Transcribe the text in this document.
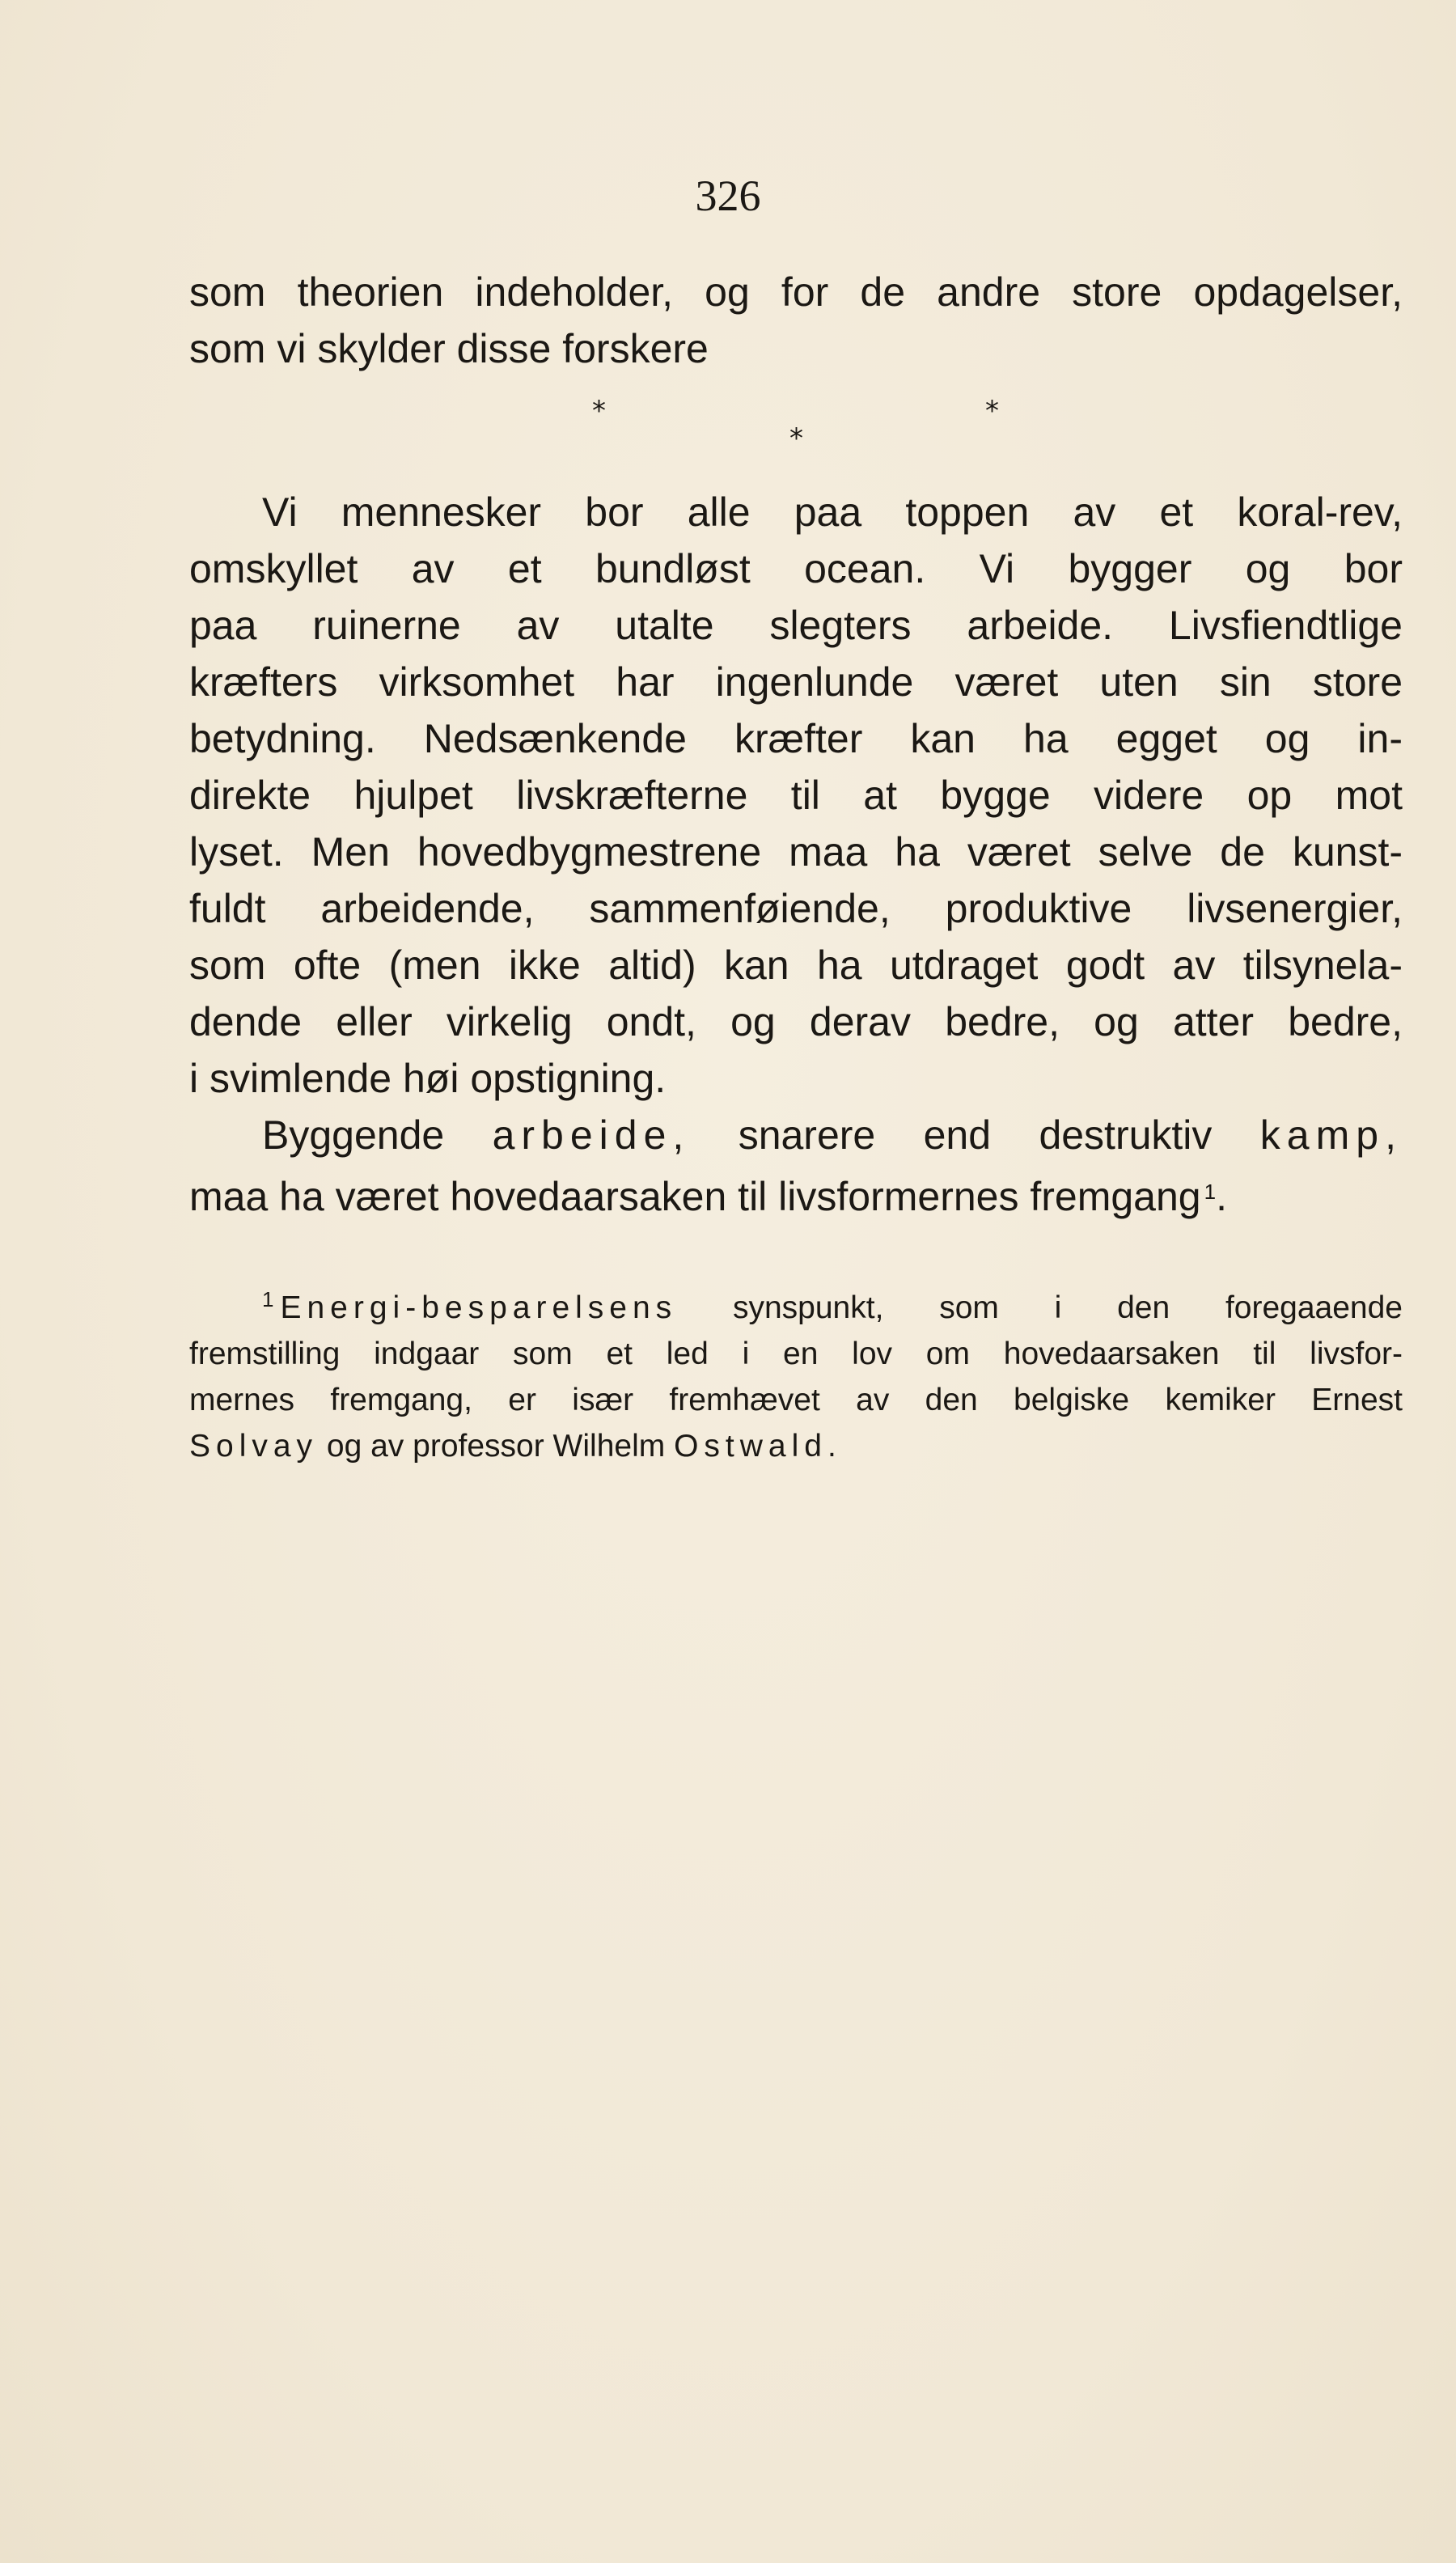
326
som theorien indeholder, og for de andre store opdagelser,
som vi skylder disse forskere
*	*
*
Vi mennesker bor alle paa toppen av et koral-rev,
omskyllet av et bundløst ocean. Vi bygger og bor
paa ruinerne av utalte slegters arbeide. Livsfiendtlige
kræfters virksomhet har ingenlunde været uten sin store
betydning. Nedsænkende kræfter kan ha egget og in-
direkte hjulpet livskræfterne til at bygge videre op mot
lyset. Men hovedbygmestrene maa ha været selve de kunst-
fuldt arbeidende, sammenføiende, produktive livsenergier,
som ofte (men ikke altid) kan ha utdraget godt av tilsynela-
dende eller virkelig ondt, og derav bedre, og atter bedre,
i svimlende høi opstigning.
Byggende arbeide, snarere end destruktiv kamp,
maa ha været hovedaarsaken til livsformernes fremgang $^1$.
$^1$ Energi-besparelsens synspunkt, som i den foregaaende
fremstilling indgaar som et led i en lov om hovedaarsaken til livsfor-
mernes fremgang, er især fremhævet av den belgiske kemiker Ernest
Solvay og av professor Wilhelm Ostwald.
